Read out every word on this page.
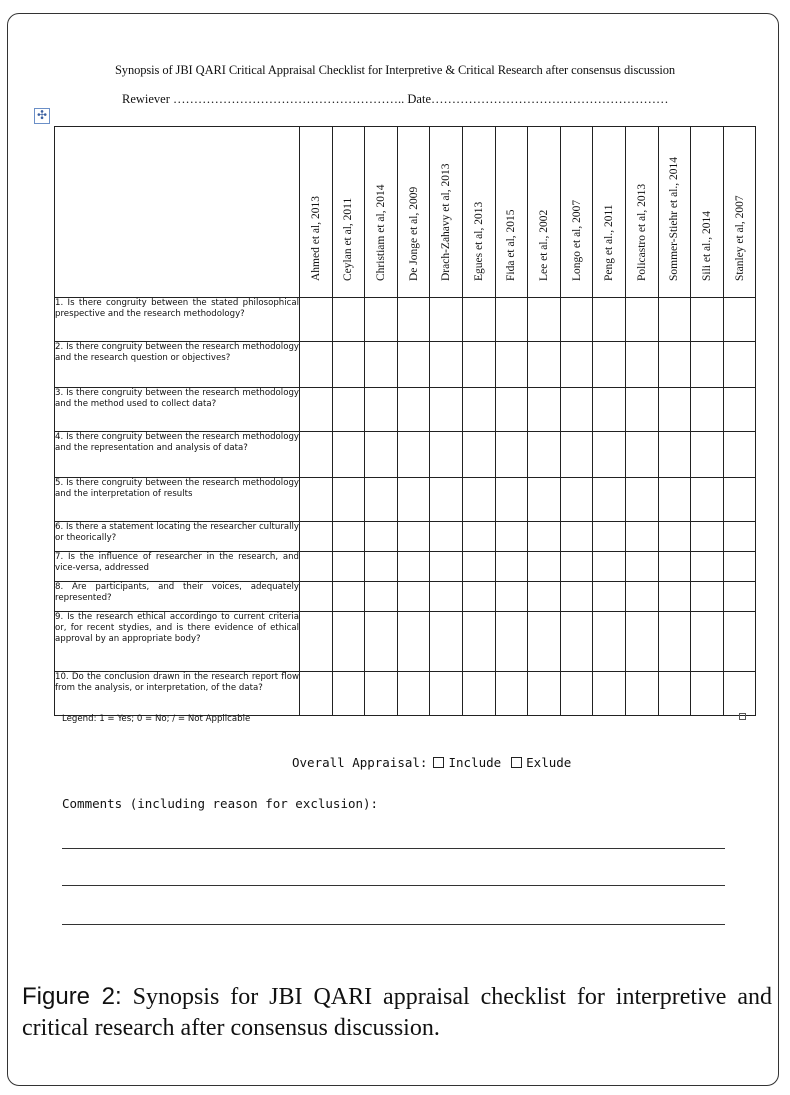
Synopsis of JBI QARI Critical Appraisal Checklist for Interpretive & Critical Research after consensus discussion
Rewiever ……………………………………………….. Date…………………………………………………
✣

	Ahmed et al, 2013	Ceylan et al, 2011	Christiam et al, 2014	De Jonge et al, 2009	Drach-Zahavy et al, 2013	Egues et al, 2013	Fida et al, 2015	Lee et al., 2002	Longo et al, 2007	Peng et al., 2011	Policastro et al, 2013	Sommer-Stiehr et al., 2014	Sili et al., 2014	Stanley et al, 2007

1. Is there congruity between the stated philosophical prespective and the research methodology?														
2. Is there congruity between the research methodology and the research question or objectives?														
3. Is there congruity between the research methodology and the method used to collect data?														
4. Is there congruity between the research methodology and the representation and analysis of data?														
5. Is there congruity between the research methodology and the interpretation of results														
6. Is there a statement locating the researcher culturally or theorically?														
7. Is the influence of researcher in the research, and vice-versa, addressed														
8. Are participants, and their voices, adequately represented?														
9. Is the research ethical accordingo to current criteria or, for recent stydies, and is there evidence of ethical approval by an appropriate body?														
10. Do the conclusion drawn in the research report flow from the analysis, or interpretation, of the data?														
Legend: 1 = Yes; 0 = No; / = Not Applicable
Overall Appraisal: Include Exlude
Comments (including reason for exclusion):
Figure 2: Synopsis for JBI QARI appraisal checklist for interpretive and critical research after consensus discussion.
